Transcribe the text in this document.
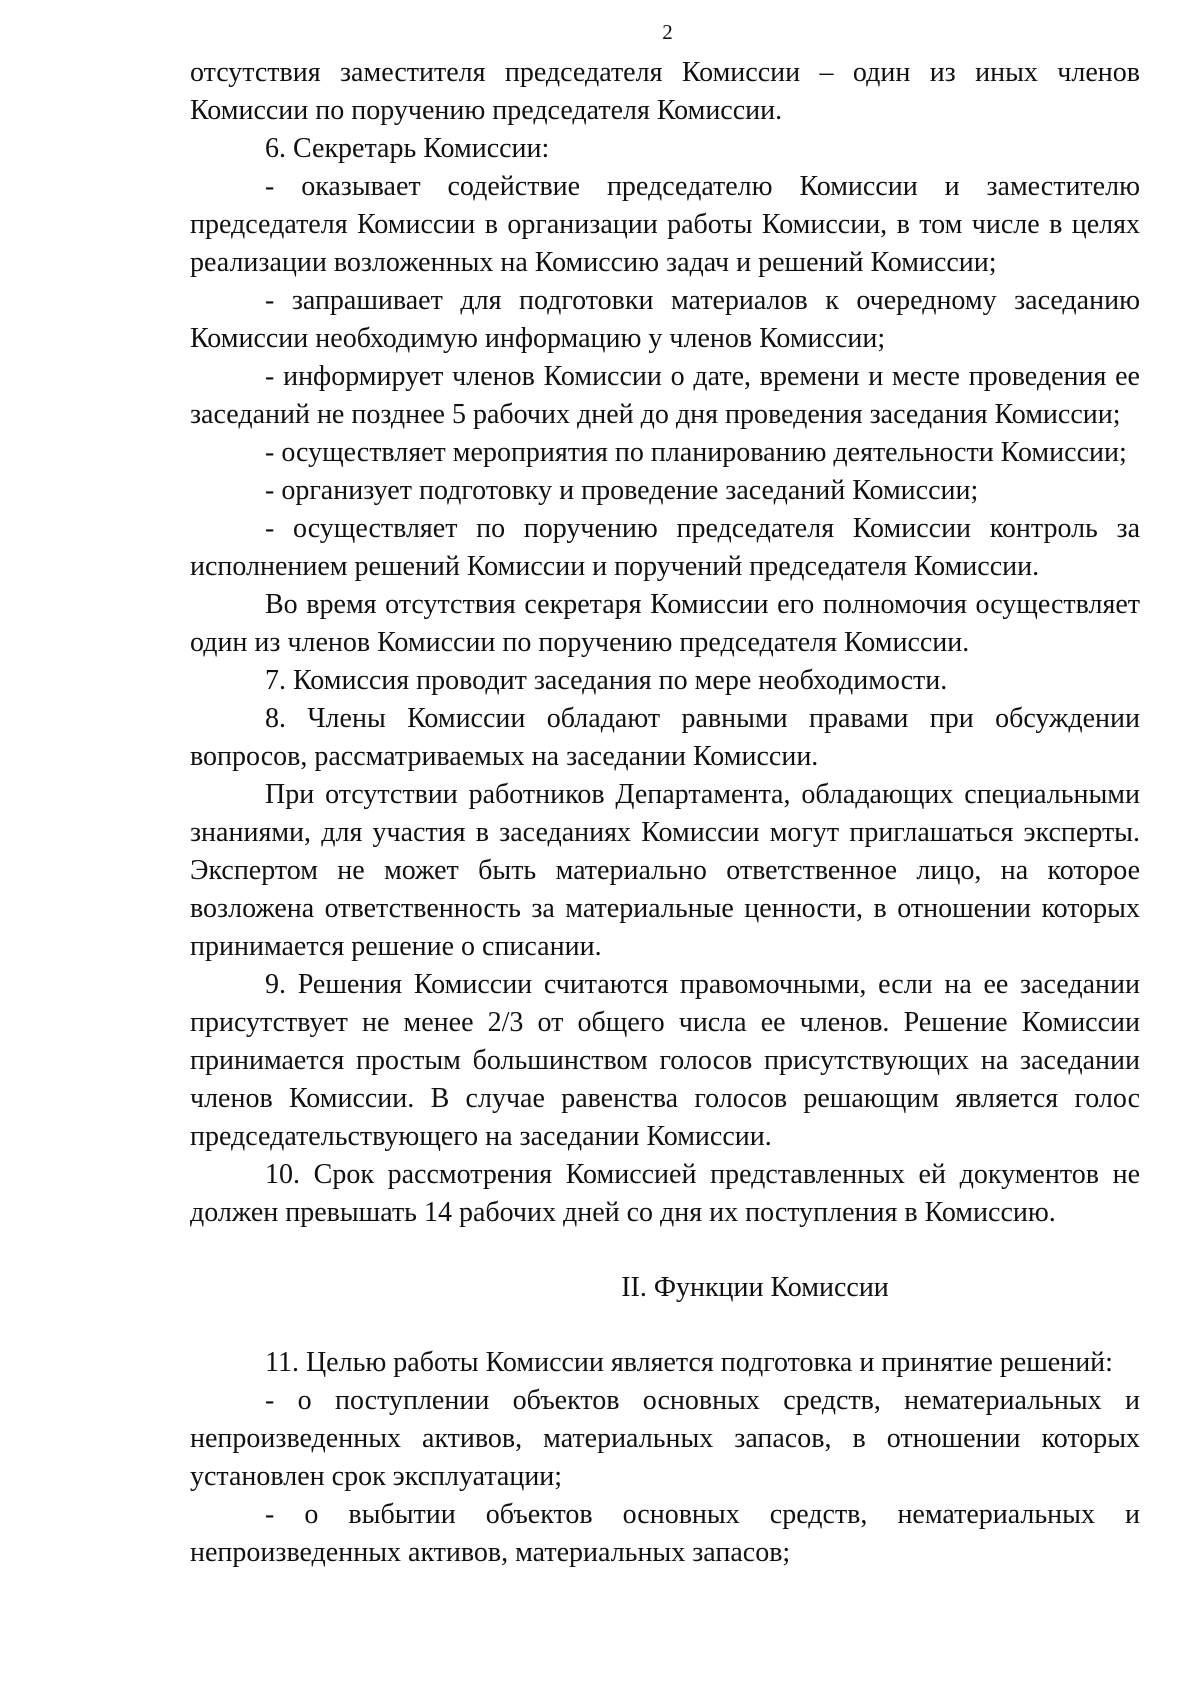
2

отсутствия заместителя председателя Комиссии – один из иных членов Комиссии по поручению председателя Комиссии.

6. Секретарь Комиссии:

- оказывает содействие председателю Комиссии и заместителю председателя Комиссии в организации работы Комиссии, в том числе в целях реализации возложенных на Комиссию задач и решений Комиссии;

- запрашивает для подготовки материалов к очередному заседанию Комиссии необходимую информацию у членов Комиссии;

- информирует членов Комиссии о дате, времени и месте проведения ее заседаний не позднее 5 рабочих дней до дня проведения заседания Комиссии;

- осуществляет мероприятия по планированию деятельности Комиссии;

- организует подготовку и проведение заседаний Комиссии;

- осуществляет по поручению председателя Комиссии контроль за исполнением решений Комиссии и поручений председателя Комиссии.

Во время отсутствия секретаря Комиссии его полномочия осуществляет один из членов Комиссии по поручению председателя Комиссии.

7. Комиссия проводит заседания по мере необходимости.

8. Члены Комиссии обладают равными правами при обсуждении вопросов, рассматриваемых на заседании Комиссии.

При отсутствии работников Департамента, обладающих специальными знаниями, для участия в заседаниях Комиссии могут приглашаться эксперты. Экспертом не может быть материально ответственное лицо, на которое возложена ответственность за материальные ценности, в отношении которых принимается решение о списании.

9. Решения Комиссии считаются правомочными, если на ее заседании присутствует не менее 2/3 от общего числа ее членов. Решение Комиссии принимается простым большинством голосов присутствующих на заседании членов Комиссии. В случае равенства голосов решающим является голос председательствующего на заседании Комиссии.

10. Срок рассмотрения Комиссией представленных ей документов не должен превышать 14 рабочих дней со дня их поступления в Комиссию.

II. Функции Комиссии

11. Целью работы Комиссии является подготовка и принятие решений:

- о поступлении объектов основных средств, нематериальных и непроизведенных активов, материальных запасов, в отношении которых установлен срок эксплуатации;

- о выбытии объектов основных средств, нематериальных и непроизведенных активов, материальных запасов;
